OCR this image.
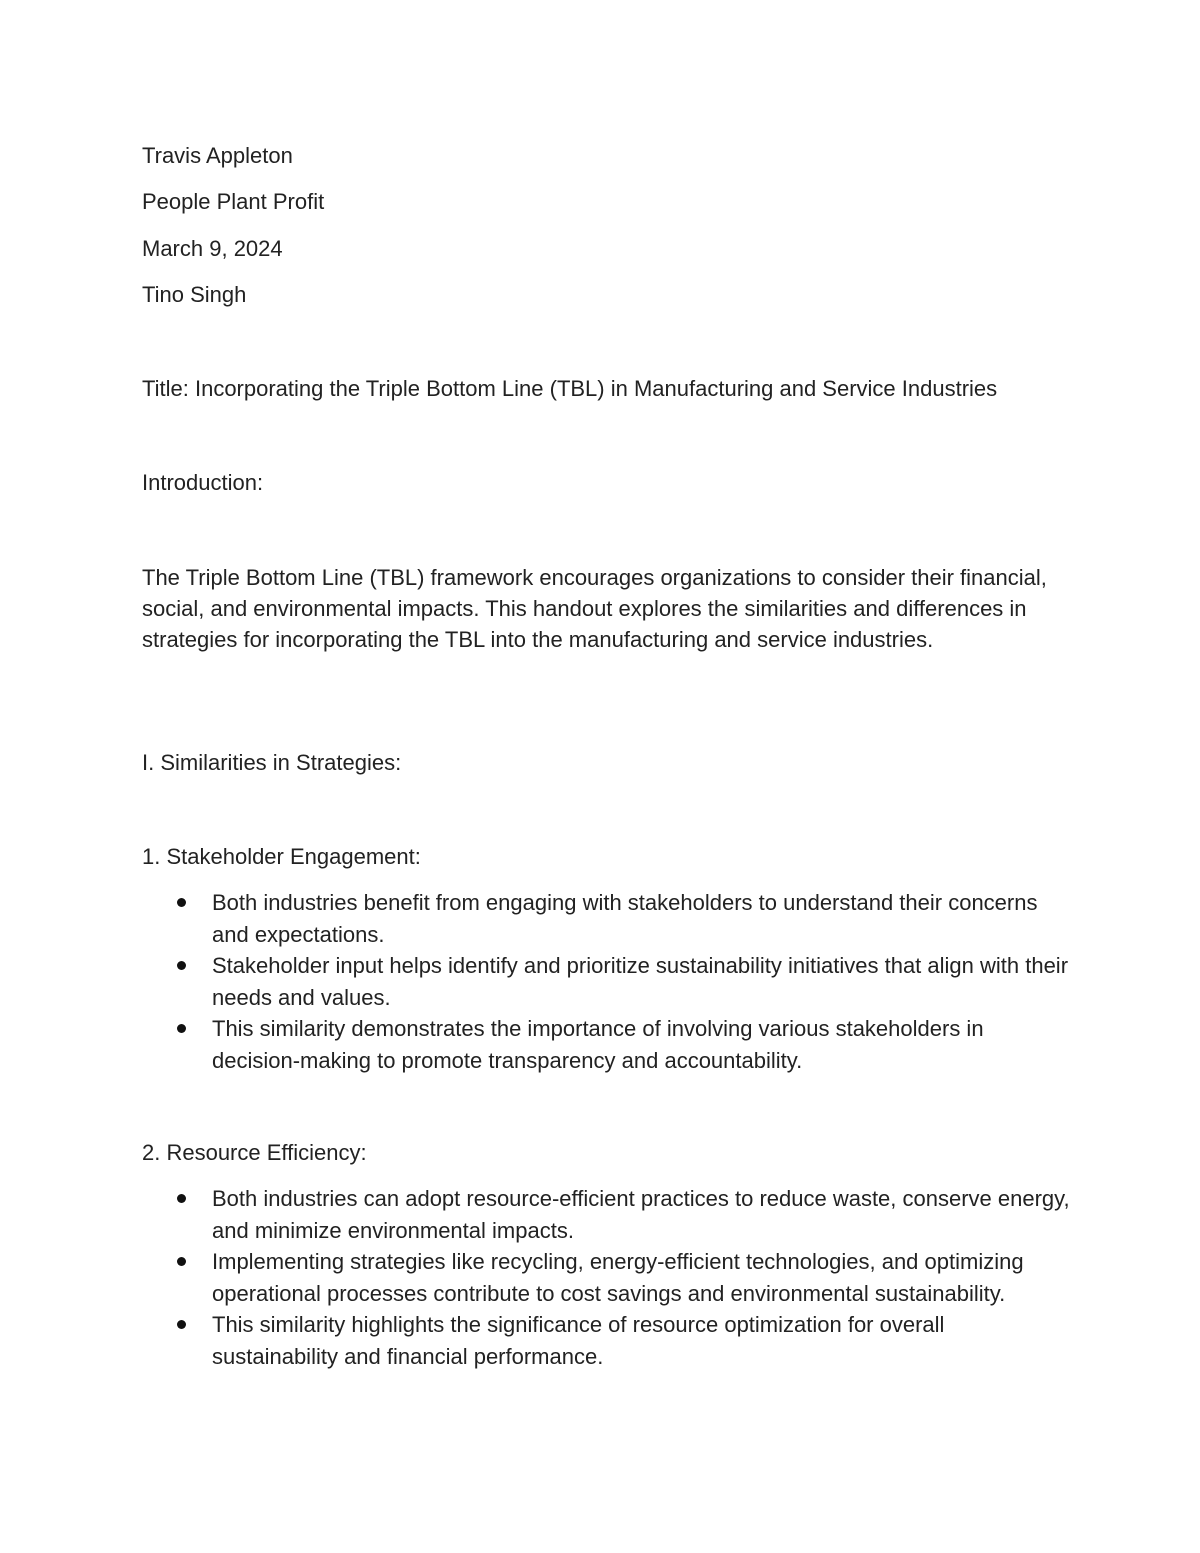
Travis Appleton
People Plant Profit
March 9, 2024
Tino Singh
Title: Incorporating the Triple Bottom Line (TBL) in Manufacturing and Service Industries
Introduction:
The Triple Bottom Line (TBL) framework encourages organizations to consider their financial, social, and environmental impacts. This handout explores the similarities and differences in strategies for incorporating the TBL into the manufacturing and service industries.
I. Similarities in Strategies:
1. Stakeholder Engagement:
Both industries benefit from engaging with stakeholders to understand their concerns and expectations.
Stakeholder input helps identify and prioritize sustainability initiatives that align with their needs and values.
This similarity demonstrates the importance of involving various stakeholders in decision-making to promote transparency and accountability.
2. Resource Efficiency:
Both industries can adopt resource-efficient practices to reduce waste, conserve energy, and minimize environmental impacts.
Implementing strategies like recycling, energy-efficient technologies, and optimizing operational processes contribute to cost savings and environmental sustainability.
This similarity highlights the significance of resource optimization for overall sustainability and financial performance.
